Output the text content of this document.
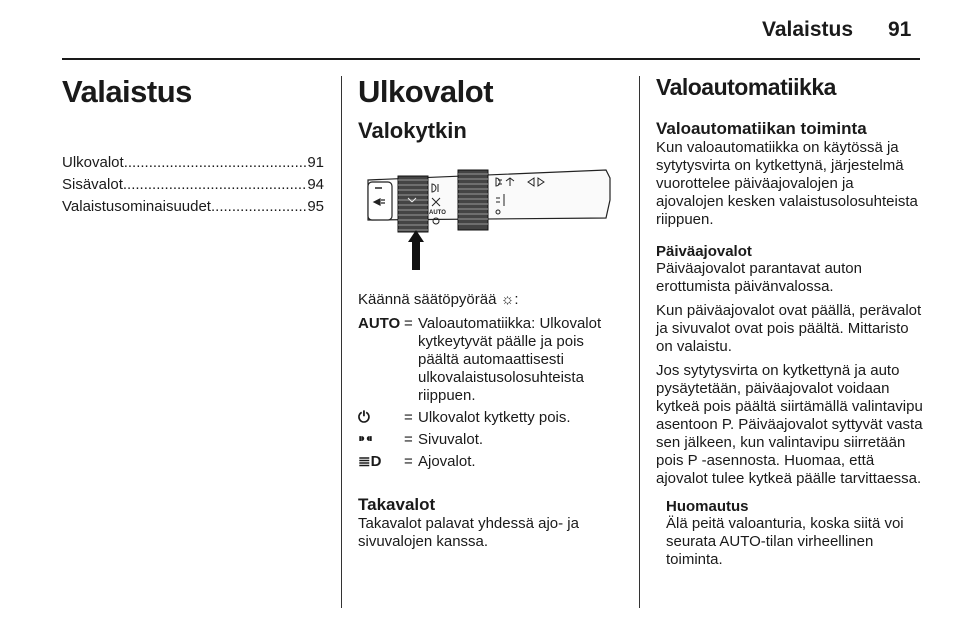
Valaistus 91
Valaistus
Ulkovalot .....	91
Sisävalot .....	94
Valaistusominaisuudet .....	95
Ulkovalot
Valokytkin
AUTO

Käännä säätöpyörää ☼:

AUTO = Valoautomatiikka: Ulkovalot kytkeytyvät päälle ja pois päältä automaattisesti ulkovalaistusolosuhteista riippuen.
⏻	= Ulkovalot kytketty pois.
⁍⁌	= Sivuvalot.
≣D	= Ajovalot.
Takavalot

Takavalot palavat yhdessä ajo- ja sivuvalojen kanssa.

Valoautomatiikka
Valoautomatiikan toiminta

Kun valoautomatiikka on käytössä ja sytytysvirta on kytkettynä, järjestelmä vuorottelee päiväajovalojen ja ajovalojen kesken valaistusolosuhteista riippuen.

Päiväajovalot

Päiväajovalot parantavat auton erottumista päivänvalossa.

Kun päiväajovalot ovat päällä, perävalot ja sivuvalot ovat pois päältä. Mittaristo on valaistu.

Jos sytytysvirta on kytkettynä ja auto pysäytetään, päiväajovalot voidaan kytkeä pois päältä siirtämällä valintavipu asentoon P. Päiväajovalot syttyvät vasta sen jälkeen, kun valintavipu siirretään pois P -asennosta. Huomaa, että ajovalot tulee kytkeä päälle tarvittaessa.

Huomautus

Älä peitä valoanturia, koska siitä voi seurata AUTO-tilan virheellinen toiminta.
